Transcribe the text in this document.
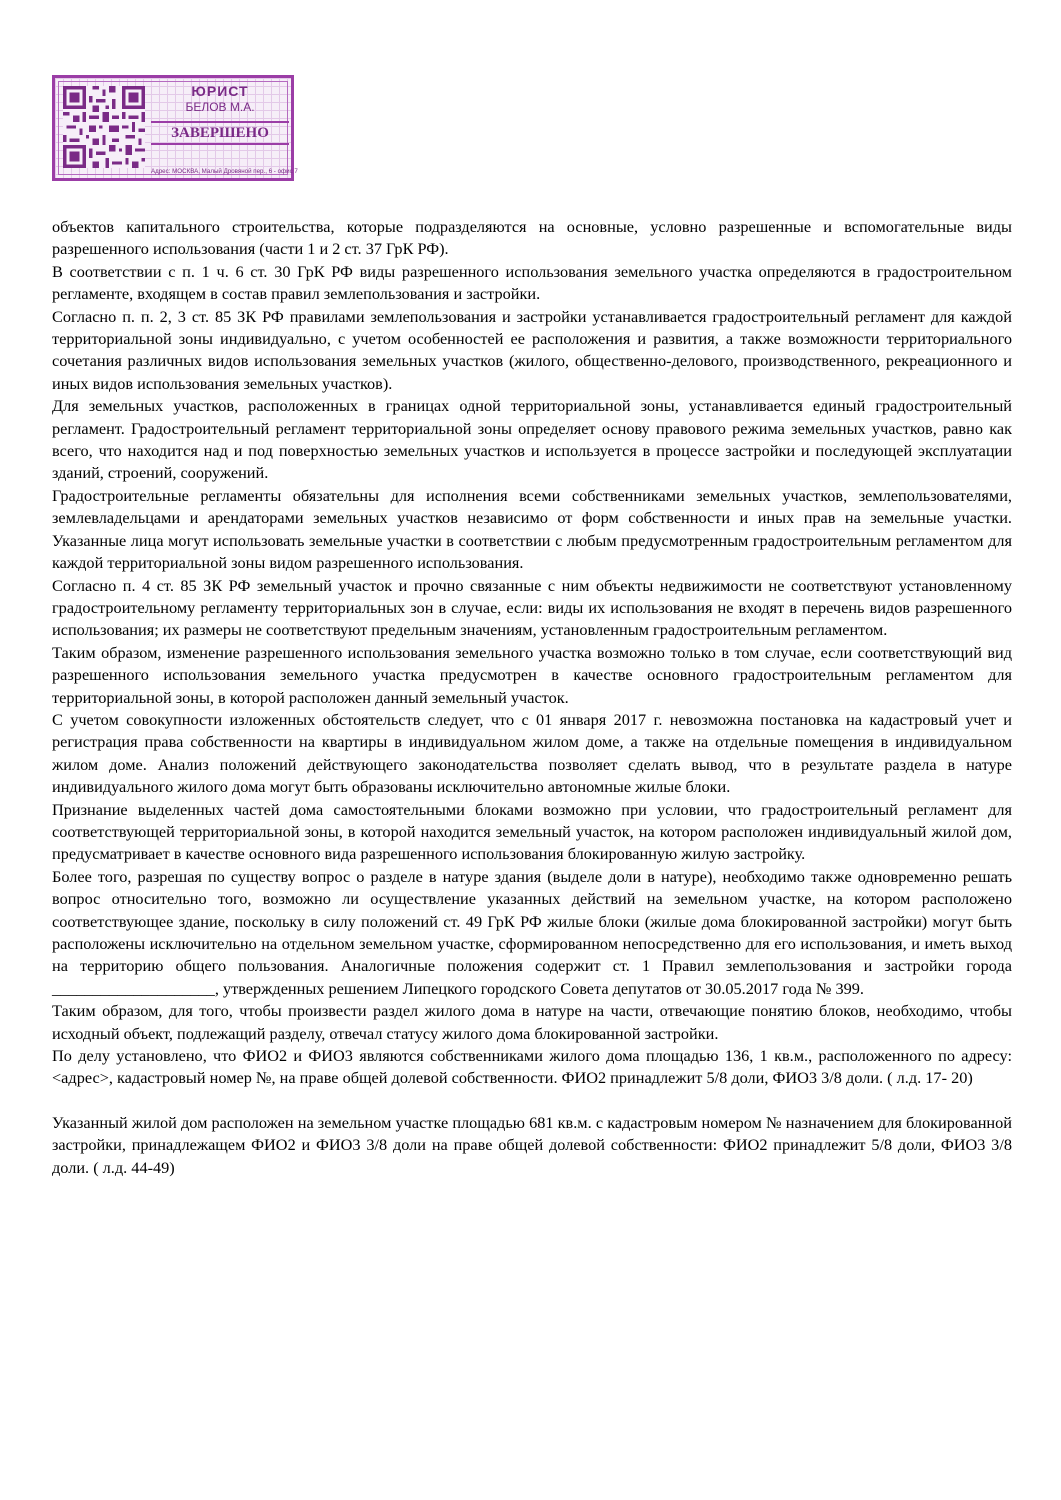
ЮРИСТ
БЕЛОВ М.А.
ЗАВЕРШЕНО
Адрес: МОСКВА, Малый Дровяной пер., 6 - офис 7

объектов капитального строительства, которые подразделяются на основные, условно разрешенные и вспомогательные виды разрешенного использования (части 1 и 2 ст. 37 ГрК РФ).

В соответствии с п. 1 ч. 6 ст. 30 ГрК РФ виды разрешенного использования земельного участка определяются в градостроительном регламенте, входящем в состав правил землепользования и застройки.

Согласно п. п. 2, 3 ст. 85 ЗК РФ правилами землепользования и застройки устанавливается градостроительный регламент для каждой территориальной зоны индивидуально, с учетом особенностей ее расположения и развития, а также возможности территориального сочетания различных видов использования земельных участков (жилого, общественно-делового, производственного, рекреационного и иных видов использования земельных участков).

Для земельных участков, расположенных в границах одной территориальной зоны, устанавливается единый градостроительный регламент. Градостроительный регламент территориальной зоны определяет основу правового режима земельных участков, равно как всего, что находится над и под поверхностью земельных участков и используется в процессе застройки и последующей эксплуатации зданий, строений, сооружений.

Градостроительные регламенты обязательны для исполнения всеми собственниками земельных участков, землепользователями, землевладельцами и арендаторами земельных участков независимо от форм собственности и иных прав на земельные участки. Указанные лица могут использовать земельные участки в соответствии с любым предусмотренным градостроительным регламентом для каждой территориальной зоны видом разрешенного использования.

Согласно п. 4 ст. 85 ЗК РФ земельный участок и прочно связанные с ним объекты недвижимости не соответствуют установленному градостроительному регламенту территориальных зон в случае, если: виды их использования не входят в перечень видов разрешенного использования; их размеры не соответствуют предельным значениям, установленным градостроительным регламентом.

Таким образом, изменение разрешенного использования земельного участка возможно только в том случае, если соответствующий вид разрешенного использования земельного участка предусмотрен в качестве основного градостроительным регламентом для территориальной зоны, в которой расположен данный земельный участок.

С учетом совокупности изложенных обстоятельств следует, что с 01 января 2017 г. невозможна постановка на кадастровый учет и регистрация права собственности на квартиры в индивидуальном жилом доме, а также на отдельные помещения в индивидуальном жилом доме. Анализ положений действующего законодательства позволяет сделать вывод, что в результате раздела в натуре индивидуального жилого дома могут быть образованы исключительно автономные жилые блоки.

Признание выделенных частей дома самостоятельными блоками возможно при условии, что градостроительный регламент для соответствующей территориальной зоны, в которой находится земельный участок, на котором расположен индивидуальный жилой дом, предусматривает в качестве основного вида разрешенного использования блокированную жилую застройку.

Более того, разрешая по существу вопрос о разделе в натуре здания (выделе доли в натуре), необходимо также одновременно решать вопрос относительно того, возможно ли осуществление указанных действий на земельном участке, на котором расположено соответствующее здание, поскольку в силу положений ст. 49 ГрК РФ жилые блоки (жилые дома блокированной застройки) могут быть расположены исключительно на отдельном земельном участке, сформированном непосредственно для его использования, и иметь выход на территорию общего пользования. Аналогичные положения содержит ст. 1 Правил землепользования и застройки города ____________________, утвержденных решением Липецкого городского Совета депутатов от 30.05.2017 года № 399.

Таким образом, для того, чтобы произвести раздел жилого дома в натуре на части, отвечающие понятию блоков, необходимо, чтобы исходный объект, подлежащий разделу, отвечал статусу жилого дома блокированной застройки.

По делу установлено, что ФИО2 и ФИО3 являются собственниками жилого дома площадью 136, 1 кв.м., расположенного по адресу: <адрес>, кадастровый номер №, на праве общей долевой собственности. ФИО2 принадлежит 5/8 доли, ФИО3 3/8 доли. ( л.д. 17- 20)

Указанный жилой дом расположен на земельном участке площадью 681 кв.м. с кадастровым номером № назначением для блокированной застройки, принадлежащем ФИО2 и ФИО3 3/8 доли на праве общей долевой собственности: ФИО2 принадлежит 5/8 доли, ФИО3 3/8 доли. ( л.д. 44-49)
